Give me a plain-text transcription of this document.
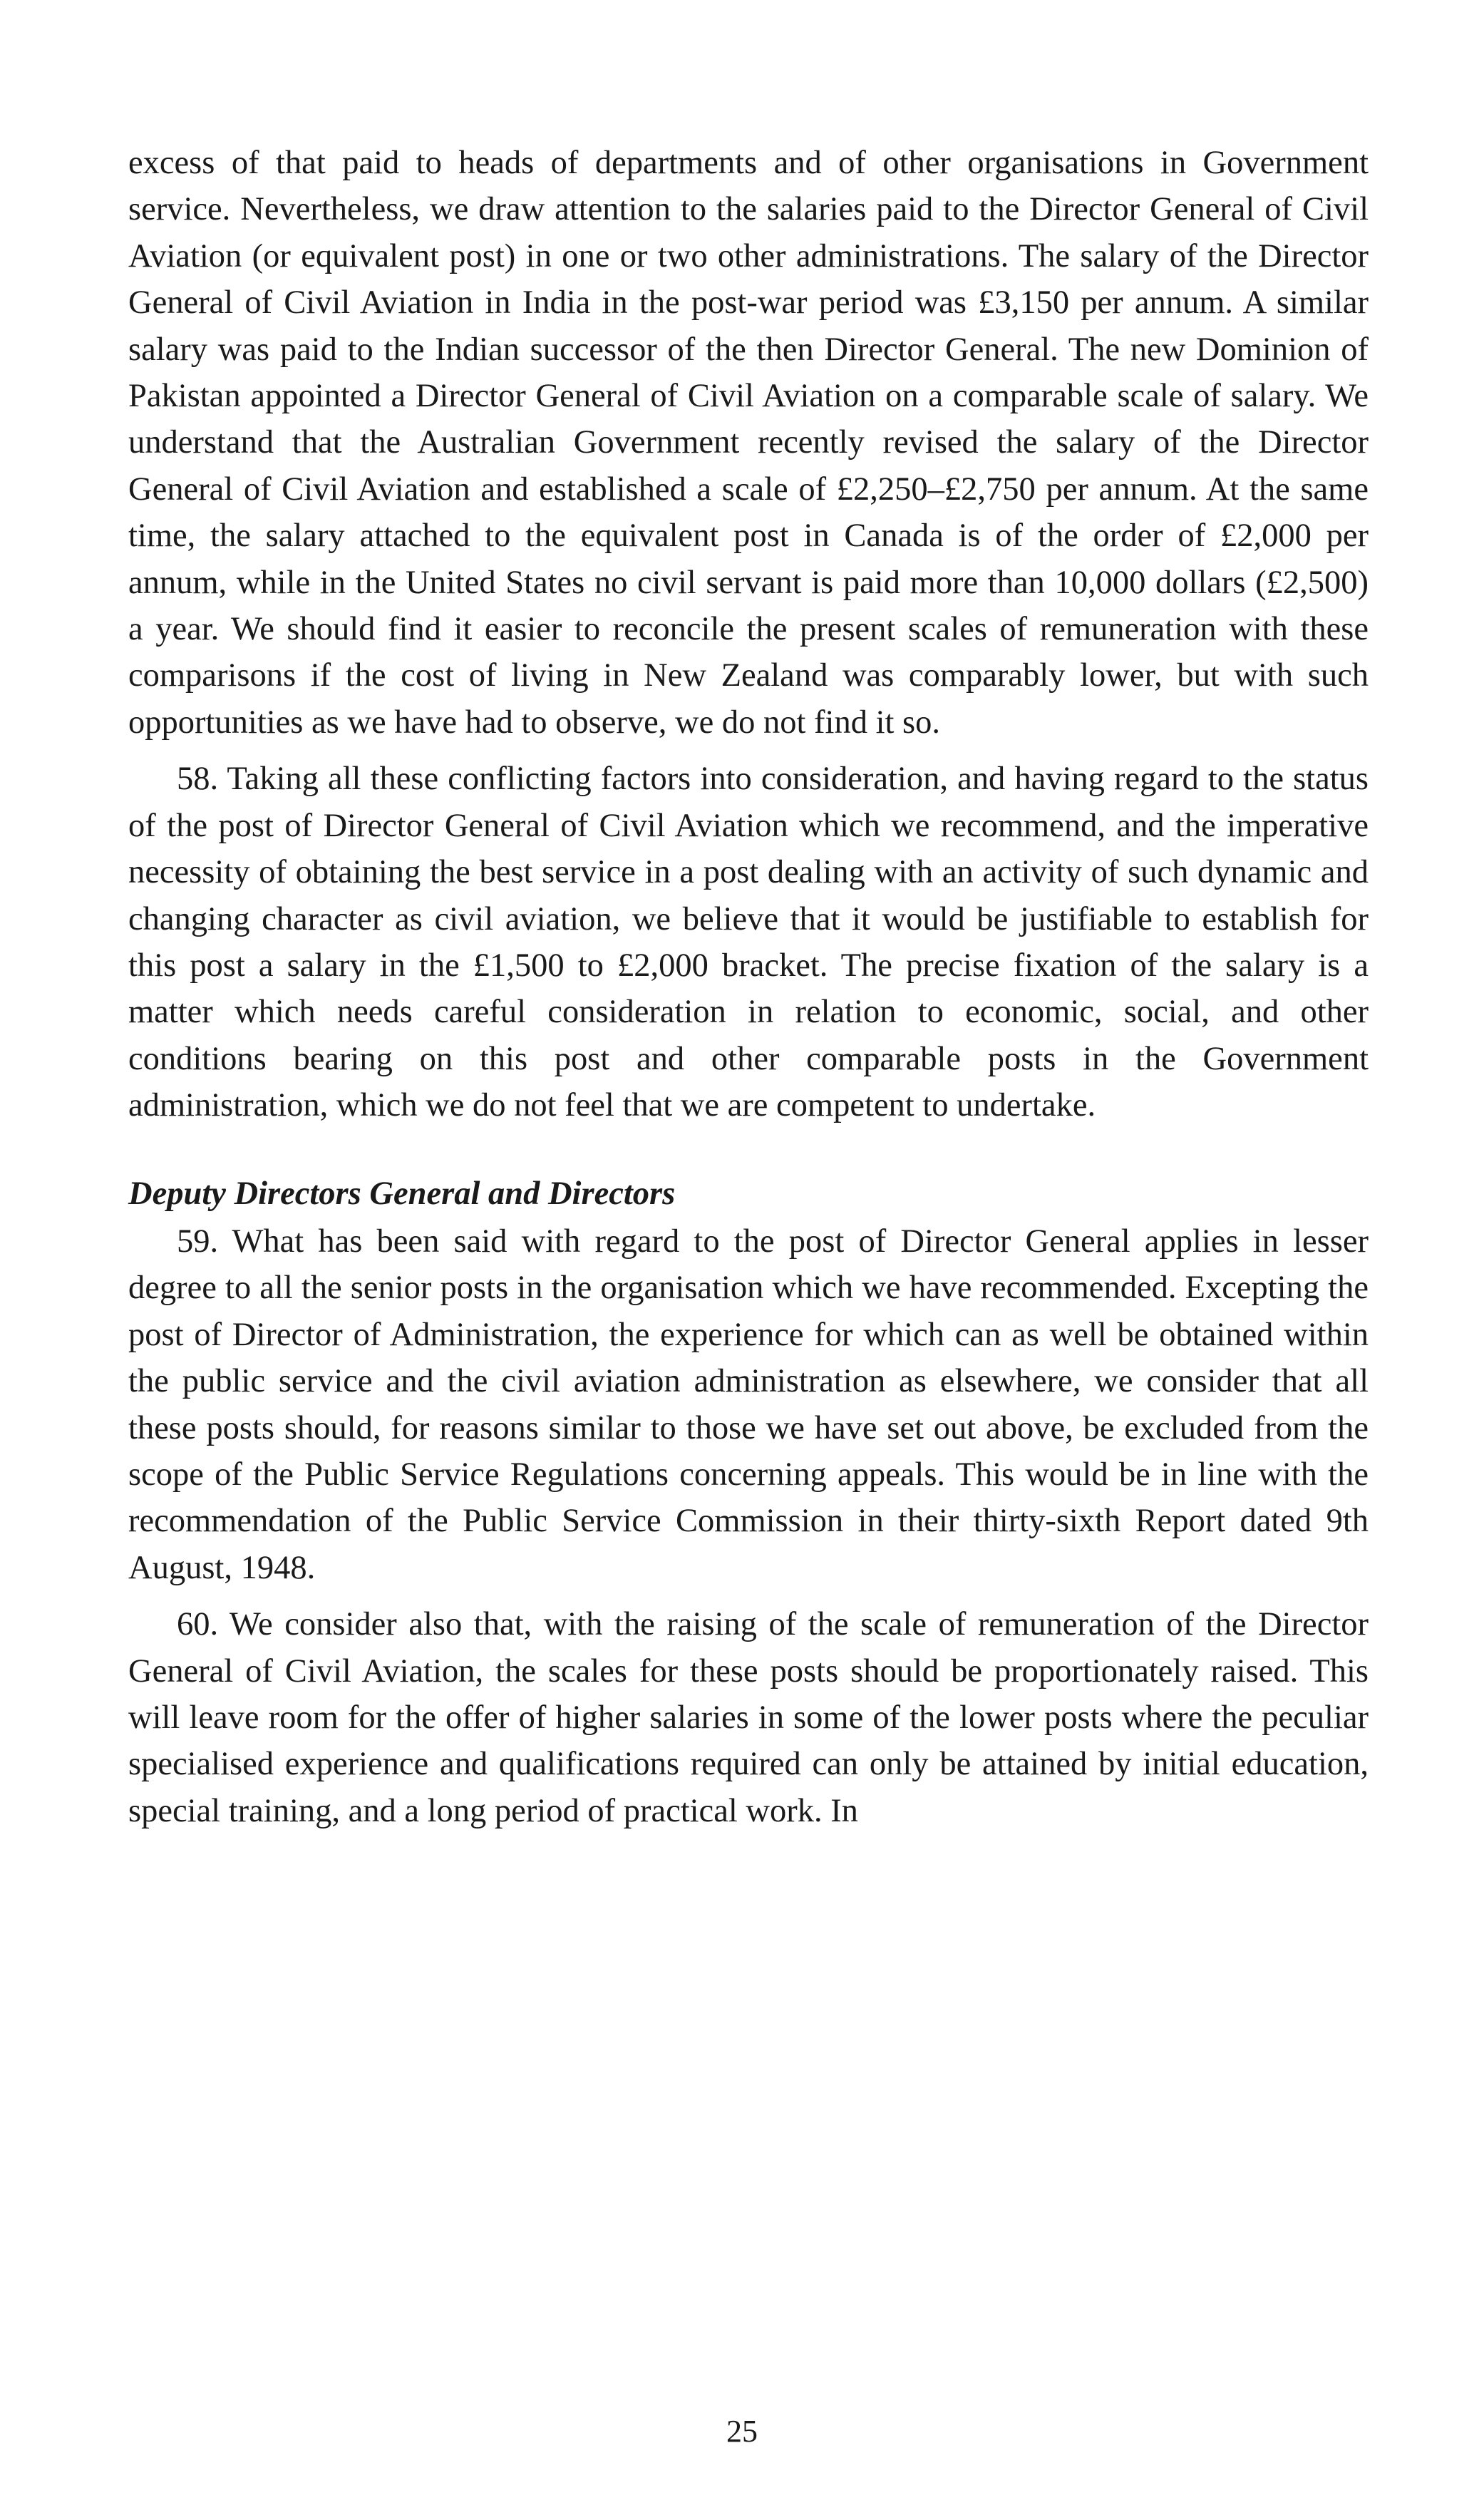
excess of that paid to heads of departments and of other organisations in Government service. Nevertheless, we draw attention to the salaries paid to the Director General of Civil Aviation (or equivalent post) in one or two other administrations. The salary of the Director General of Civil Aviation in India in the post-war period was £3,150 per annum. A similar salary was paid to the Indian successor of the then Director General. The new Dominion of Pakistan appointed a Director General of Civil Aviation on a comparable scale of salary. We understand that the Australian Government recently revised the salary of the Director General of Civil Aviation and established a scale of £2,250–£2,750 per annum. At the same time, the salary attached to the equivalent post in Canada is of the order of £2,000 per annum, while in the United States no civil servant is paid more than 10,000 dollars (£2,500) a year. We should find it easier to reconcile the present scales of remuneration with these comparisons if the cost of living in New Zealand was comparably lower, but with such opportunities as we have had to observe, we do not find it so.

58. Taking all these conflicting factors into consideration, and having regard to the status of the post of Director General of Civil Aviation which we recommend, and the imperative necessity of obtaining the best service in a post dealing with an activity of such dynamic and changing character as civil aviation, we believe that it would be justifiable to establish for this post a salary in the £1,500 to £2,000 bracket. The precise fixation of the salary is a matter which needs careful consideration in relation to economic, social, and other conditions bearing on this post and other comparable posts in the Government administration, which we do not feel that we are competent to undertake.

Deputy Directors General and Directors

59. What has been said with regard to the post of Director General applies in lesser degree to all the senior posts in the organisation which we have recommended. Excepting the post of Director of Administration, the experience for which can as well be obtained within the public service and the civil aviation administration as elsewhere, we consider that all these posts should, for reasons similar to those we have set out above, be excluded from the scope of the Public Service Regulations concerning appeals. This would be in line with the recommendation of the Public Service Commission in their thirty-sixth Report dated 9th August, 1948.

60. We consider also that, with the raising of the scale of remuneration of the Director General of Civil Aviation, the scales for these posts should be proportionately raised. This will leave room for the offer of higher salaries in some of the lower posts where the peculiar specialised experience and qualifications required can only be attained by initial education, special training, and a long period of practical work. In

25
